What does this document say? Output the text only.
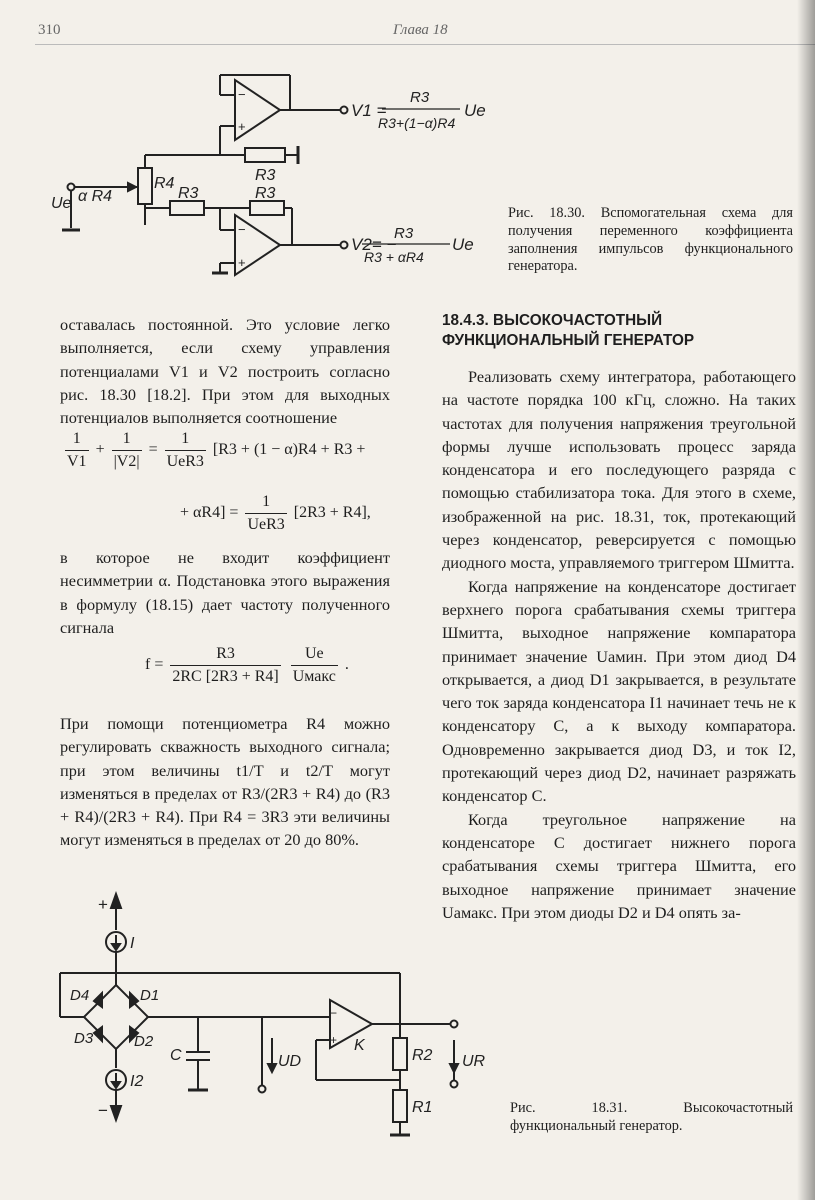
310	Глава 18
−
+
−
+
R3
R4
α R4
Ue
R3	R3
V1 =
R3
R3+(1−α)R4
Ue
V2= −
R3
R3 + αR4
Ue
Рис. 18.30. Вспомогательная схема для получения переменного коэффициента заполнения импульсов функционального генератора.

оставалась постоянной. Это условие легко выполняется, если схему управления потенциалами V1 и V2 построить согласно рис. 18.30 [18.2]. При этом для выходных потенциалов выполняется соотношение

$\frac{1}{V1} + \frac{1}{|V2|} = \frac{1}{\text{UeR3}} [R3 + (1 - \alpha)R4 + R3$ +
+ $\alpha R4] = \frac{1}{\text{UeR3}} [2R3 + R4]$,

в которое не входит коэффициент несимметрии α. Подстановка этого выражения в формулу (18.15) дает частоту полученного сигнала

$f = \frac{R3}{2RC [2R3 + R4]}$
$\frac{Ue}{\text{Uмакс}}$ .

При помощи потенциометра R4 можно регулировать скважность выходного сигнала; при этом величины t1/T и t2/T могут изменяться в пределах от R3/(2R3 + R4) до (R3 + R4)/(2R3 + R4). При R4 = 3R3 эти величины могут изменяться в пределах от 20 до 80%.

18.4.3. ВЫСОКОЧАСТОТНЫЙ ФУНКЦИОНАЛЬНЫЙ ГЕНЕРАТОР

Реализовать схему интегратора, работающего на частоте порядка 100 кГц, сложно. На таких частотах для получения напряжения треугольной формы лучше использовать процесс заряда конденсатора и его последующего разряда с помощью стабилизатора тока. Для этого в схеме, изображенной на рис. 18.31, ток, протекающий через конденсатор, реверсируется с помощью диодного моста, управляемого триггером Шмитта.

Когда напряжение на конденсаторе достигает верхнего порога срабатывания схемы триггера Шмитта, выходное напряжение компаратора принимает значение Uaмин. При этом диод D4 открывается, а диод D1 закрывается, в результате чего ток заряда конденсатора I1 начинает течь не к конденсатору C, а к выходу компаратора. Одновременно закрывается диод D3, и ток I2, протекающий через диод D2, начинает разряжать конденсатор C.

Когда треугольное напряжение на конденсаторе C достигает нижнего порога срабатывания схемы триггера Шмитта, его выходное напряжение принимает значение Uaмакс. При этом диоды D2 и D4 опять за-

−
+
+
−
I
I2
D1
D2
D3
D4
C	UD
K
R2
R1
UR
Рис. 18.31. Высокочастотный функциональный генератор.
